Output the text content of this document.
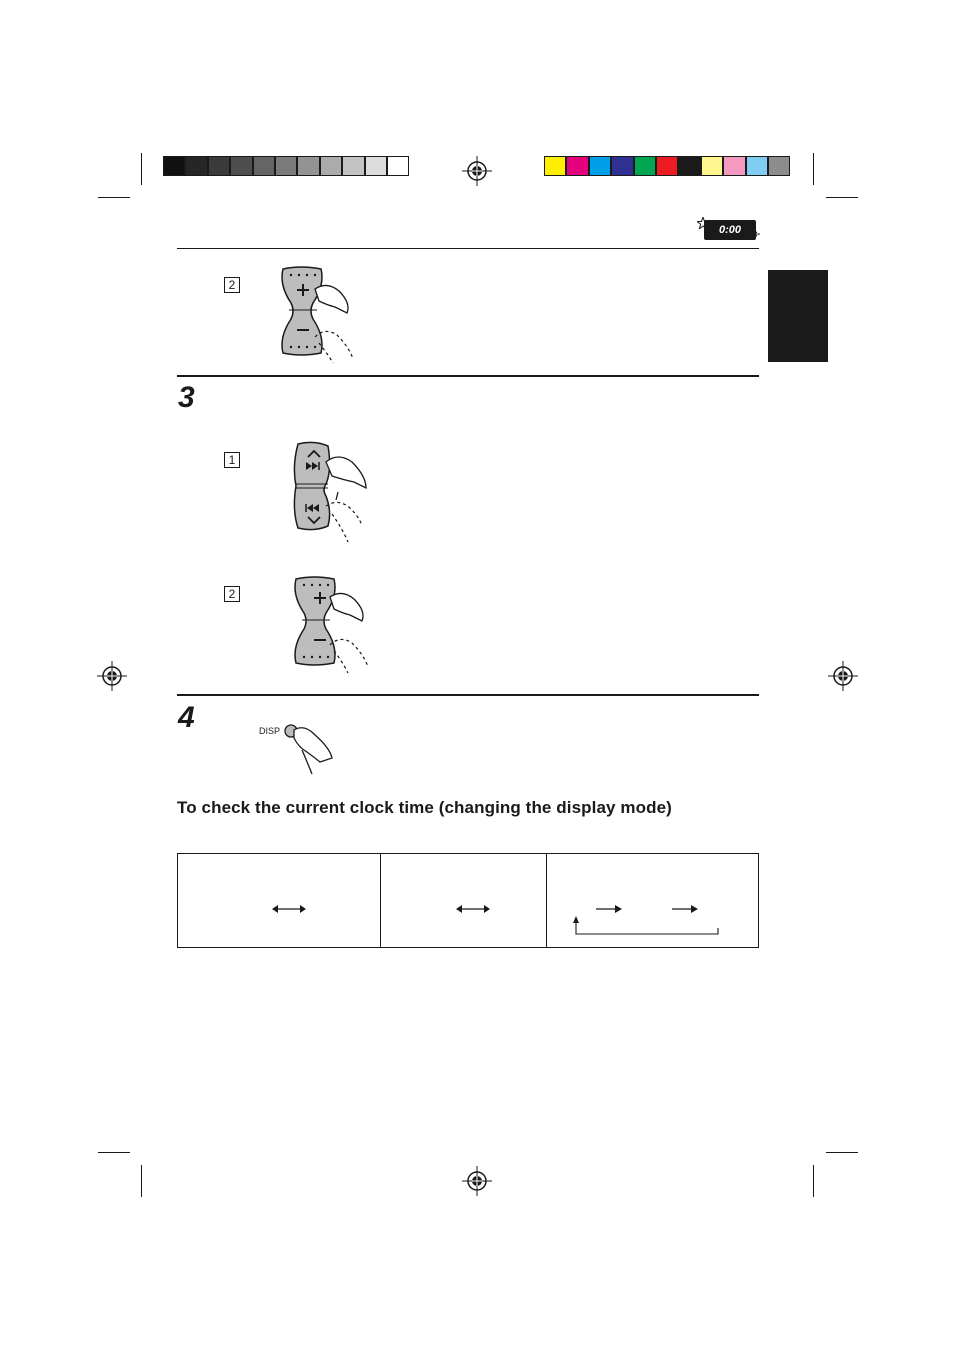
0:00
2
3
1
2
4	DISP
To check the current clock time (changing the display mode)
